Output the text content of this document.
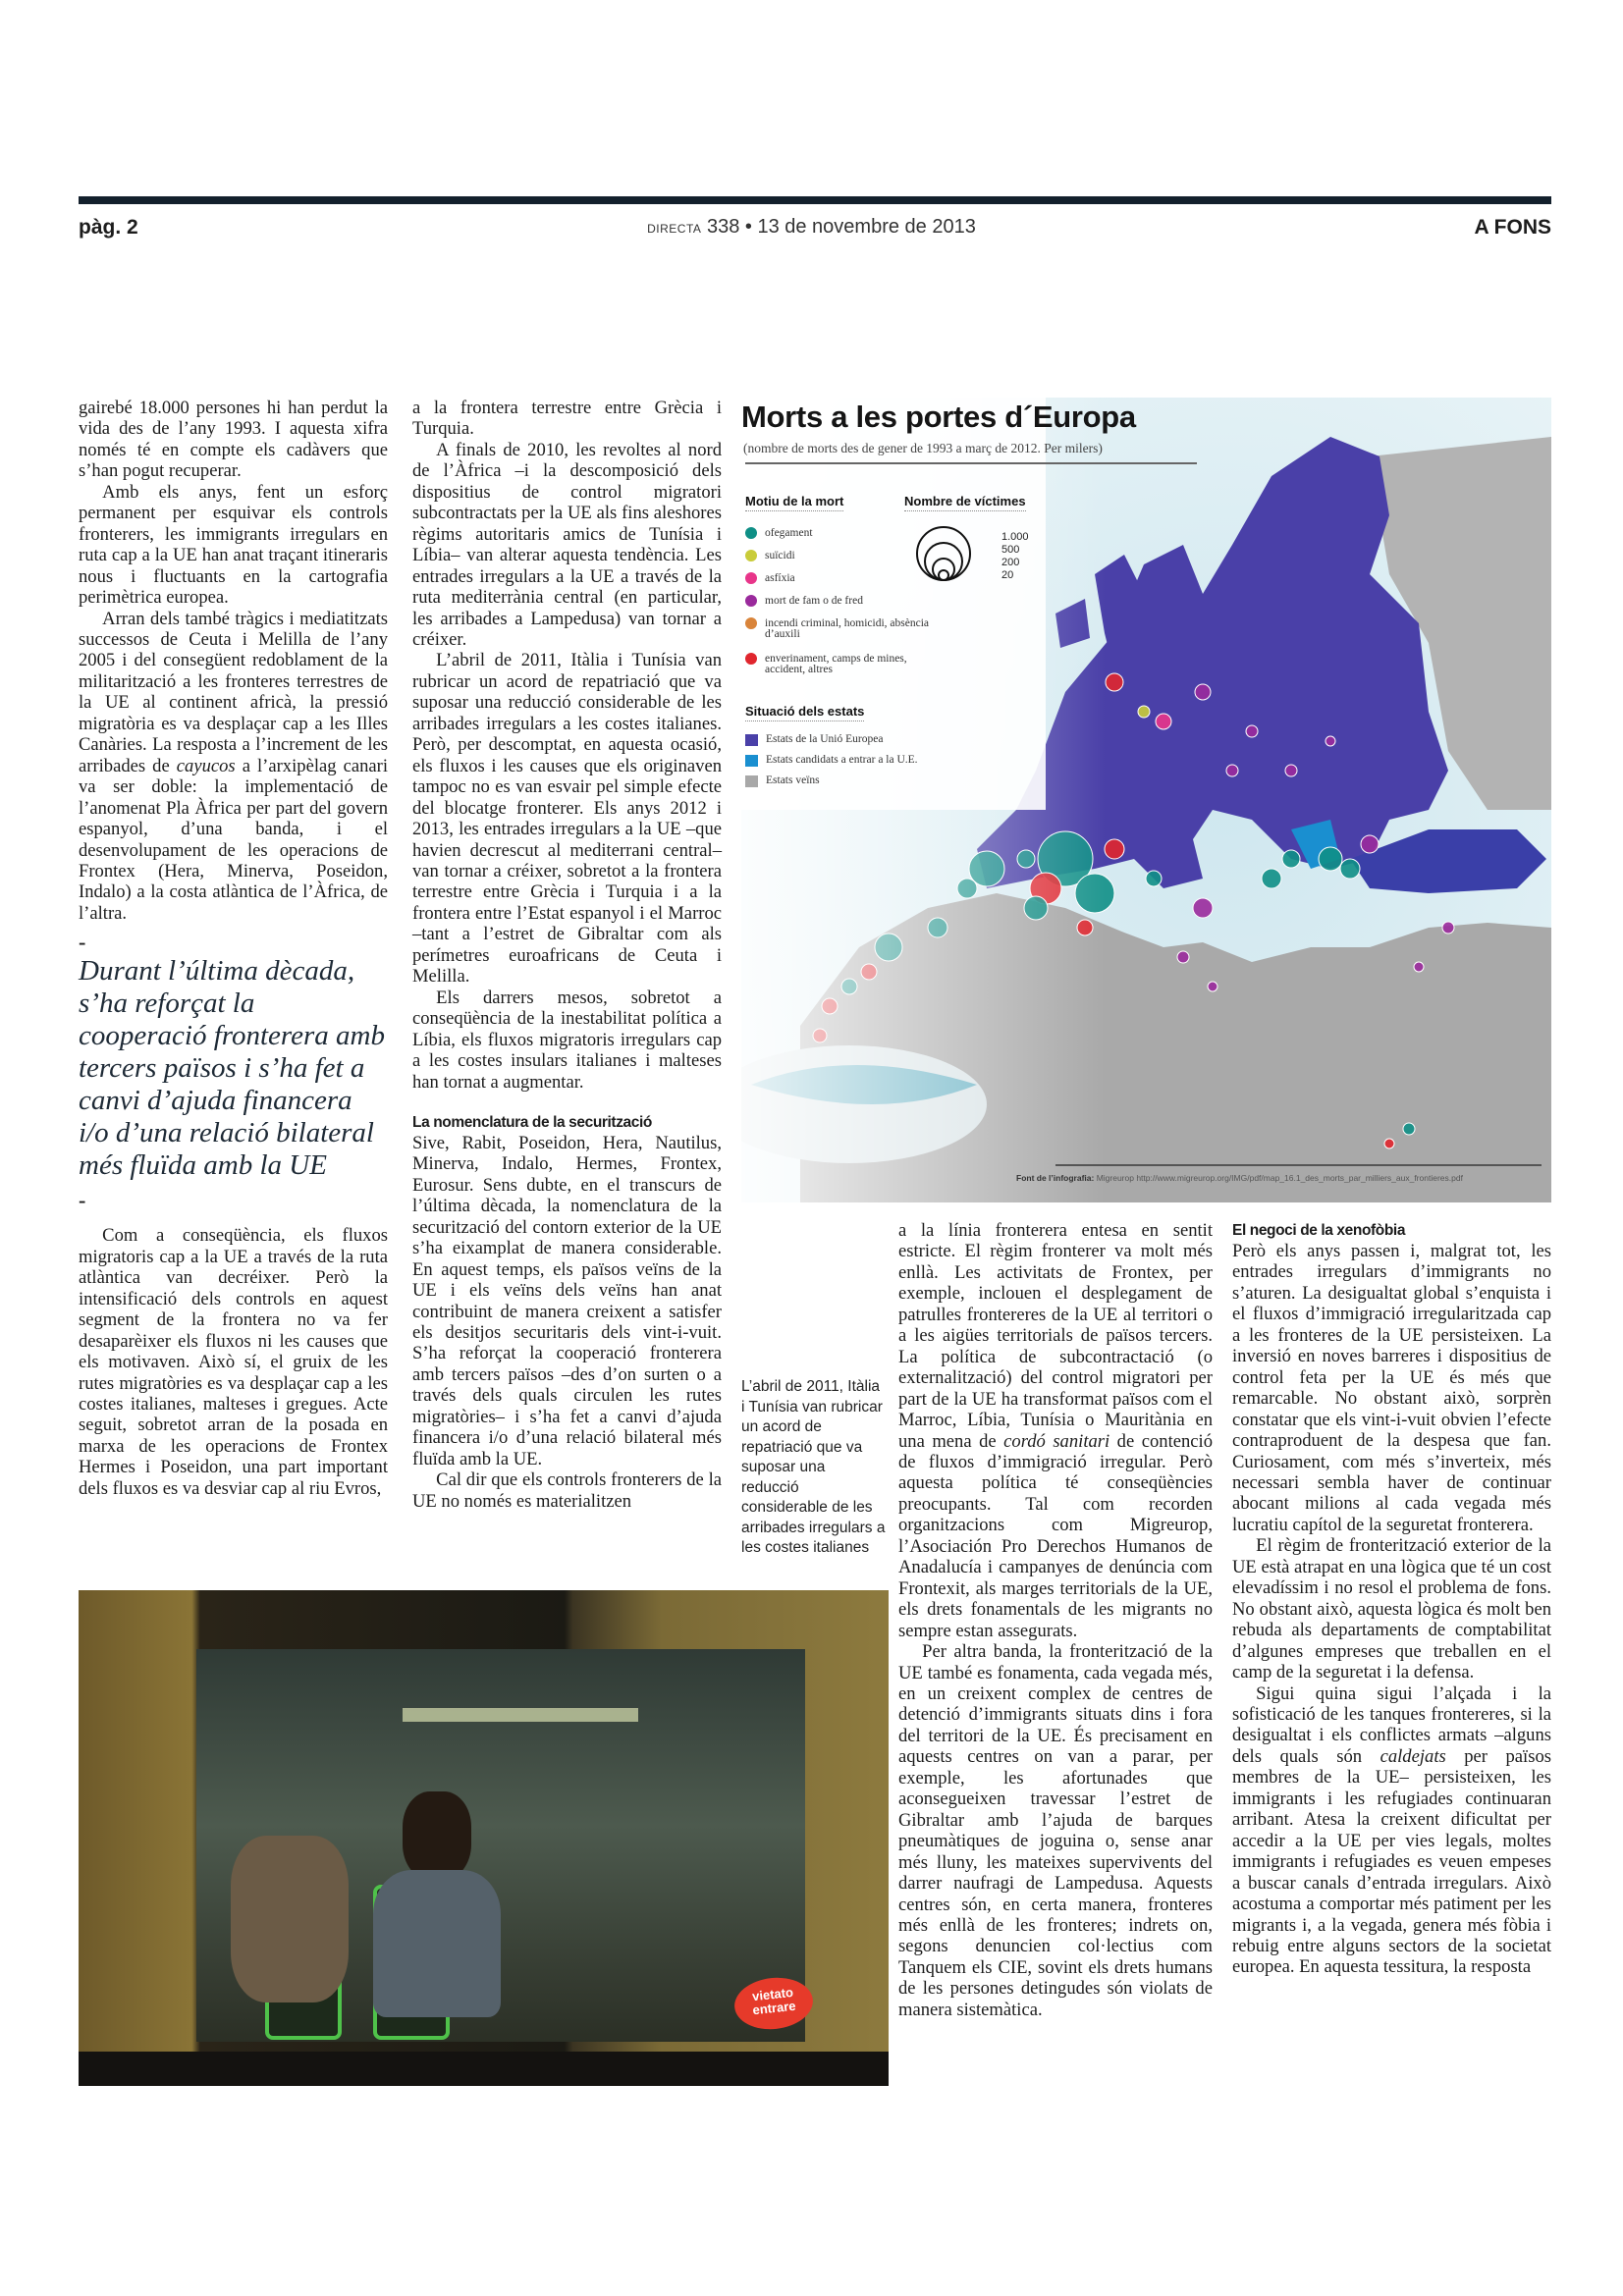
pàg. 2	DIRECTA 338 • 13 de novembre de 2013	A FONS

gairebé 18.000 persones hi han perdut la vida des de l’any 1993. I aquesta xifra només té en compte els cadàvers que s’han pogut recuperar.

Amb els anys, fent un esforç permanent per esquivar els controls fronterers, les immigrants irregulars en ruta cap a la UE han anat traçant itineraris nous i fluctuants en la cartografia perimètrica europea.

Arran dels també tràgics i mediatitzats successos de Ceuta i Melilla de l’any 2005 i del consegüent redoblament de la militarització a les fronteres terrestres de la UE al continent africà, la pressió migratòria es va desplaçar cap a les Illes Canàries. La resposta a l’increment de les arribades de cayucos a l’arxipèlag canari va ser doble: la implementació de l’anomenat Pla Àfrica per part del govern espanyol, d’una banda, i el desenvolupament de les operacions de Frontex (Hera, Minerva, Poseidon, Indalo) a la costa atlàntica de l’Àfrica, de l’altra.

-
Durant l’última dècada, s’ha reforçat la cooperació fronterera amb tercers països i s’ha fet a canvi d’ajuda financera i/o d’una relació bilateral més fluïda amb la UE
-

Com a conseqüència, els fluxos migratoris cap a la UE a través de la ruta atlàntica van decréixer. Però la intensificació dels controls en aquest segment de la frontera no va fer desaparèixer els fluxos ni les causes que els motivaven. Això sí, el gruix de les rutes migratòries es va desplaçar cap a les costes italianes, malteses i gregues. Acte seguit, sobretot arran de la posada en marxa de les operacions de Frontex Hermes i Poseidon, una part important dels fluxos es va desviar cap al riu Evros,

a la frontera terrestre entre Grècia i Turquia.

A finals de 2010, les revoltes al nord de l’Àfrica –i la descomposició dels dispositius de control migratori subcontractats per la UE als fins aleshores règims autoritaris amics de Tunísia i Líbia– van alterar aquesta tendència. Les entrades irregulars a la UE a través de la ruta mediterrània central (en particular, les arribades a Lampedusa) van tornar a créixer.

L’abril de 2011, Itàlia i Tunísia van rubricar un acord de repatriació que va suposar una reducció considerable de les arribades irregulars a les costes italianes. Però, per descomptat, en aquesta ocasió, els fluxos i les causes que els originaven tampoc no es van esvair pel simple efecte del blocatge fronterer. Els anys 2012 i 2013, les entrades irregulars a la UE –que havien decrescut al mediterrani central– van tornar a créixer, sobretot a la frontera terrestre entre Grècia i Turquia i a la frontera entre l’Estat espanyol i el Marroc –tant a l’estret de Gibraltar com als perímetres euroafricans de Ceuta i Melilla.

Els darrers mesos, sobretot a conseqüència de la inestabilitat política a Líbia, els fluxos migratoris irregulars cap a les costes insulars italianes i malteses han tornat a augmentar.

La nomenclatura de la securització

Sive, Rabit, Poseidon, Hera, Nautilus, Minerva, Indalo, Hermes, Frontex, Eurosur. Sens dubte, en el transcurs de l’última dècada, la nomenclatura de la securització del contorn exterior de la UE s’ha eixamplat de manera considerable. En aquest temps, els països veïns de la UE i els veïns dels veïns han anat contribuint de manera creixent a satisfer els desitjos securitaris dels vint-i-vuit. S’ha reforçat la cooperació fronterera amb tercers països –des d’on surten o a través dels quals circulen les rutes migratòries– i s’ha fet a canvi d’ajuda financera i/o d’una relació bilateral més fluïda amb la UE.

Cal dir que els controls fronterers de la UE no només es materialitzen

Morts a les portes d´Europa
(nombre de morts des de gener de 1993 a març de 2012. Per milers)
Motiu de la mort
ofegament
suïcidi
asfíxia
mort de fam o de fred
incendi criminal, homicidi, absència d’auxili
enverinament, camps de mines, accident, altres
Nombre de víctimes
1.000
500
200
20
Situació dels estats
Estats de la Unió Europea
Estats candidats a entrar a la U.E.
Estats veïns
Font de l’infografia: Migreurop http://www.migreurop.org/IMG/pdf/map_16.1_des_morts_par_milliers_aux_frontieres.pdf
L’abril de 2011, Itàlia i Tunísia van rubricar un acord de repatriació que va suposar una reducció considerable de les arribades irregulars a les costes italianes
vietato
entrare

a la línia fronterera entesa en sentit estricte. El règim fronterer va molt més enllà. Les activitats de Frontex, per exemple, inclouen el desplegament de patrulles frontereres de la UE al territori o a les aigües territorials de països tercers. La política de subcontractació (o externalització) del control migratori per part de la UE ha transformat països com el Marroc, Líbia, Tunísia o Mauritània en una mena de cordó sanitari de contenció de fluxos d’immigració irregular. Però aquesta política té conseqüències preocupants. Tal com recorden organitzacions com Migreurop, l’Asociación Pro Derechos Humanos de Anadalucía i campanyes de denúncia com Frontexit, als marges territorials de la UE, els drets fonamentals de les migrants no sempre estan assegurats.

Per altra banda, la fronterització de la UE també es fonamenta, cada vegada més, en un creixent complex de centres de detenció d’immigrants situats dins i fora del territori de la UE. És precisament en aquests centres on van a parar, per exemple, les afortunades que aconsegueixen travessar l’estret de Gibraltar amb l’ajuda de barques pneumàtiques de joguina o, sense anar més lluny, les mateixes supervivents del darrer naufragi de Lampedusa. Aquests centres són, en certa manera, fronteres més enllà de les fronteres; indrets on, segons denuncien col·lectius com Tanquem els CIE, sovint els drets humans de les persones detingudes són violats de manera sistemàtica.

El negoci de la xenofòbia

Però els anys passen i, malgrat tot, les entrades irregulars d’immigrants no s’aturen. La desigualtat global s’enquista i el fluxos d’immigració irregularitzada cap a les fronteres de la UE persisteixen. La inversió en noves barreres i dispositius de control feta per la UE és més que remarcable. No obstant això, sorprèn constatar que els vint-i-vuit obvien l’efecte contraproduent de la despesa que fan. Curiosament, com més s’inverteix, més necessari sembla haver de continuar abocant milions al cada vegada més lucratiu capítol de la seguretat fronterera.

El règim de fronterització exterior de la UE està atrapat en una lògica que té un cost elevadíssim i no resol el problema de fons. No obstant això, aquesta lògica és molt ben rebuda als departaments de comptabilitat d’algunes empreses que treballen en el camp de la seguretat i la defensa.

Sigui quina sigui l’alçada i la sofisticació de les tanques frontereres, si la desigualtat i els conflictes armats –alguns dels quals són caldejats per països membres de la UE– persisteixen, les immigrants i les refugiades continuaran arribant. Atesa la creixent dificultat per accedir a la UE per vies legals, moltes immigrants i refugiades es veuen empeses a buscar canals d’entrada irregulars. Això acostuma a comportar més patiment per les migrants i, a la vegada, genera més fòbia i rebuig entre alguns sectors de la societat europea. En aquesta tessitura, la resposta
